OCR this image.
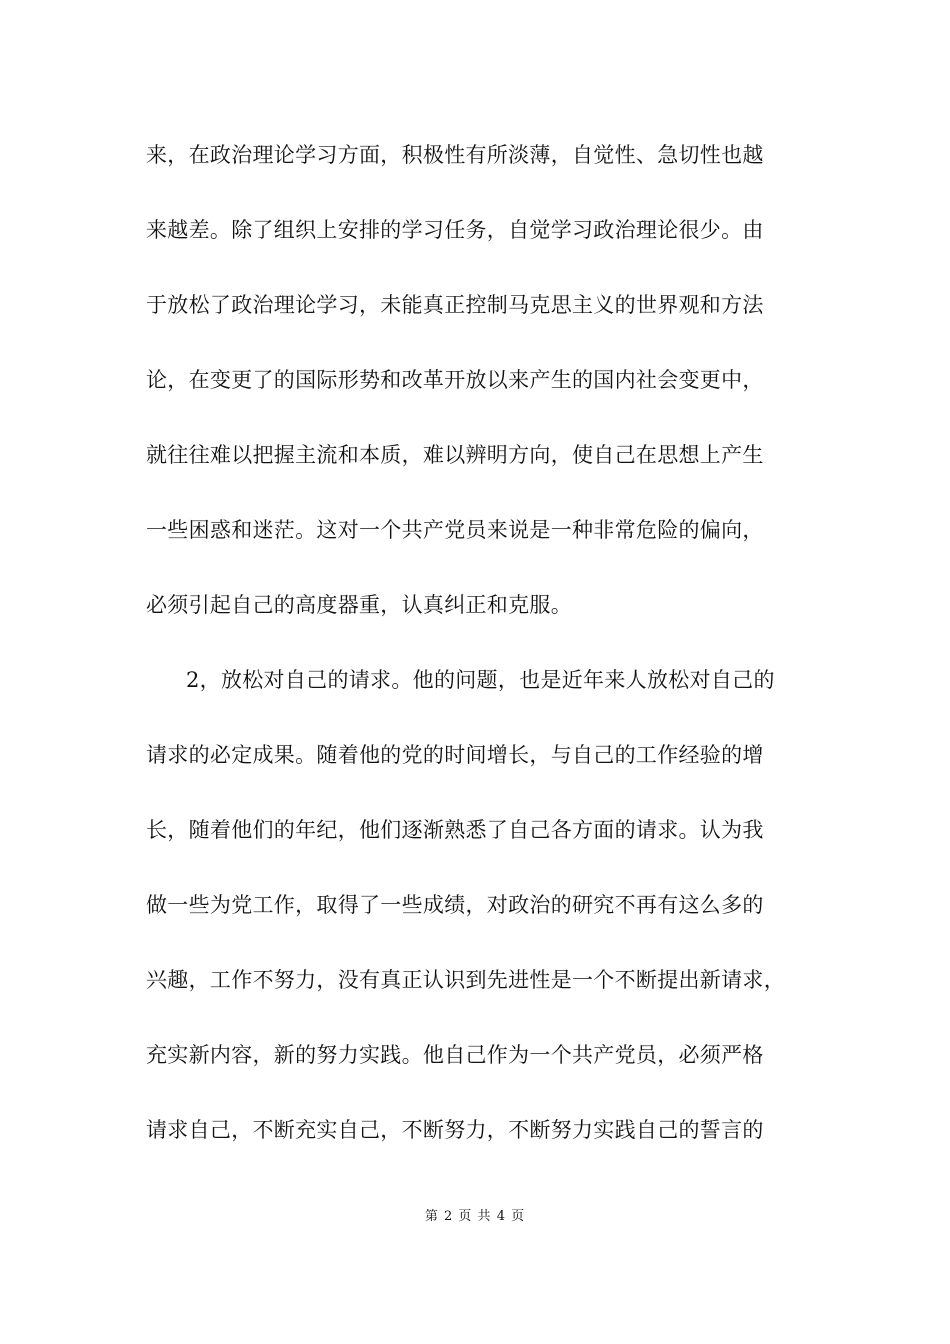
来，在政治理论学习方面，积极性有所淡薄，自觉性、急切性也越
来越差。除了组织上安排的学习任务，自觉学习政治理论很少。由
于放松了政治理论学习，未能真正控制马克思主义的世界观和方法
论，在变更了的国际形势和改革开放以来产生的国内社会变更中，
就往往难以把握主流和本质，难以辨明方向，使自己在思想上产生
一些困惑和迷茫。这对一个共产党员来说是一种非常危险的偏向，
必须引起自己的高度器重，认真纠正和克服。
2，放松对自己的请求。他的问题，也是近年来人放松对自己的
请求的必定成果。随着他的党的时间增长，与自己的工作经验的增
长，随着他们的年纪，他们逐渐熟悉了自己各方面的请求。认为我
做一些为党工作，取得了一些成绩，对政治的研究不再有这么多的
兴趣，工作不努力，没有真正认识到先进性是一个不断提出新请求，
充实新内容，新的努力实践。他自己作为一个共产党员，必须严格
请求自己，不断充实自己，不断努力，不断努力实践自己的誓言的
第 2 页 共 4 页
